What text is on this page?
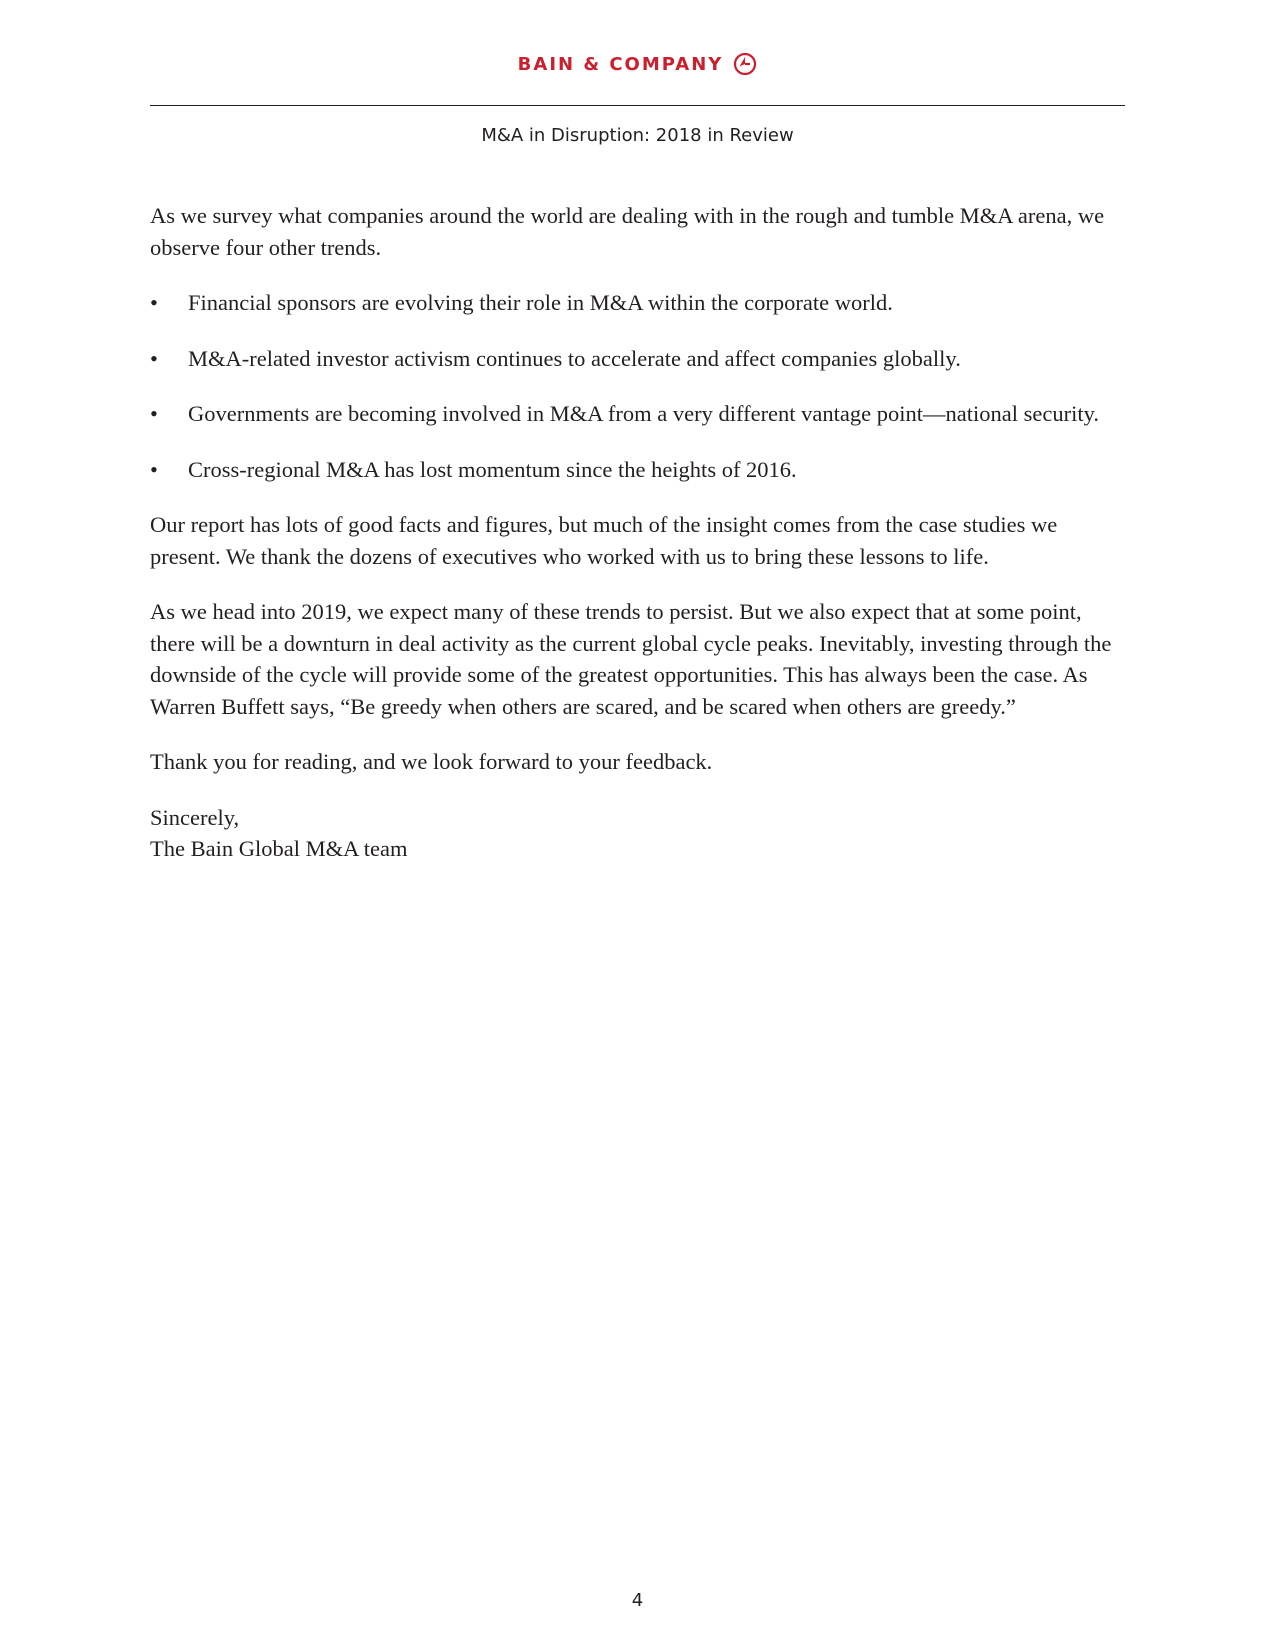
BAIN & COMPANY
M&A in Disruption: 2018 in Review

As we survey what companies around the world are dealing with in the rough and tumble M&A arena, we observe four other trends.

• Financial sponsors are evolving their role in M&A within the corporate world.
• M&A-related investor activism continues to accelerate and affect companies globally.
• Governments are becoming involved in M&A from a very different vantage point—national security.
• Cross-regional M&A has lost momentum since the heights of 2016.

Our report has lots of good facts and figures, but much of the insight comes from the case studies we present. We thank the dozens of executives who worked with us to bring these lessons to life.

As we head into 2019, we expect many of these trends to persist. But we also expect that at some point, there will be a downturn in deal activity as the current global cycle peaks. Inevitably, investing through the downside of the cycle will provide some of the greatest opportunities. This has always been the case. As Warren Buffett says, “Be greedy when others are scared, and be scared when others are greedy.”

Thank you for reading, and we look forward to your feedback.

Sincerely,

The Bain Global M&A team

4
